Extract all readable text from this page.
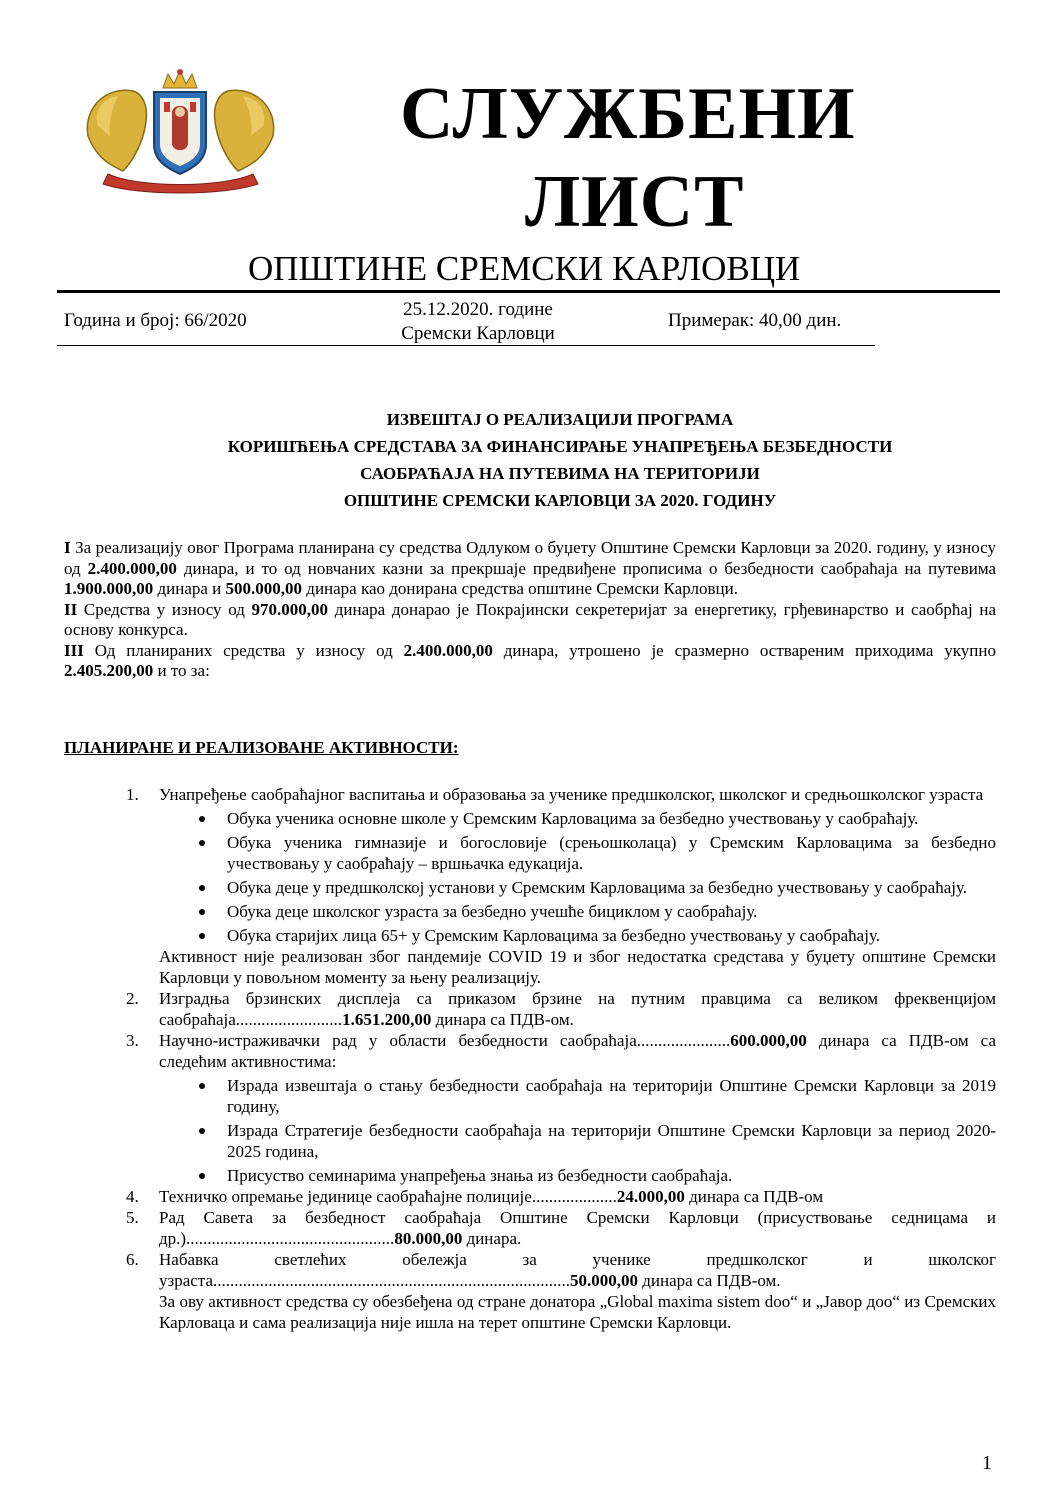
СЛУЖБЕНИ
ЛИСТ
ОПШТИНЕ СРЕМСКИ КАРЛОВЦИ
Година и број: 66/2020
25.12.2020. године
Сремски Карловци
Примерак: 40,00 дин.
ИЗВЕШТАЈ О РЕАЛИЗАЦИЈИ ПРОГРАМА
КОРИШЋЕЊА СРЕДСТАВА ЗА ФИНАНСИРАЊЕ УНАПРЕЂЕЊА БЕЗБЕДНОСТИ
САОБРАЋАЈА НА ПУТЕВИМА НА ТЕРИТОРИЈИ
ОПШТИНЕ СРЕМСКИ КАРЛОВЦИ ЗА 2020. ГОДИНУ
I За реализацију овог Програма планирана су средства Одлуком о буџету Општине Сремски Карловци за 2020. годину, у износу од 2.400.000,00 динара, и то од новчаних казни за прекршаје предвиђене прописима о безбедности саобраћаја на путевима 1.900.000,00 динара и 500.000,00 динара као донирана средства општине Сремски Карловци.
II Средства у износу од 970.000,00 динара донарао је Покрајински секретеријат за енергетику, грђевинарство и саобрћај на основу конкурса.
III Од планираних средства у износу од 2.400.000,00 динара, утрошено је сразмерно оствареним приходима укупно 2.405.200,00 и то за:
ПЛАНИРАНЕ И РЕАЛИЗОВАНЕ АКТИВНОСТИ:
1. Унапређење саобраћајног васпитања и образовања за ученике предшколског, школског и средњошколског узраста
Обука ученика основне школе у Сремским Карловацима за безбедно учествовању у саобраћају.
Обука ученика гимназије и богословије (срењошколаца) у Сремским Карловацима за безбедно учествовању у саобраћају – вршњачка едукација.
Обука деце у предшколској установи у Сремским Карловацима за безбедно учествовању у саобраћају.
Обука деце школског узраста за безбедно учешће бициклом у саобраћају.
Обука старијих лица 65+ у Сремским Карловацима за безбедно учествовању у саобраћају.
Активност није реализован због пандемије COVID 19 и због недостатка средстава у буџету општине Сремски Карловци у повољном моменту за њену реализацију.
2. Изградња брзинских дисплеја са приказом брзине на путним правцима са великом фреквенцијом саобраћаја.........................1.651.200,00 динара са ПДВ-ом.
3. Научно-истраживачки рад у области безбедности саобраћаја......................600.000,00 динара са ПДВ-ом са следећим активностима:
Израда извештаја о стању безбедности саобраћаја на територији Општине Сремски Карловци за 2019 годину,
Израда Стратегије безбедности саобраћаја на територији Општине Сремски Карловци за период 2020-2025 година,
Присуство семинарима унапређења знања из безбедности саобраћаја.
4. Техничко опремање јединице саобраћајне полиције....................24.000,00 динара са ПДВ-ом
5. Рад Савета за безбедност саобраћаја Општине Сремски Карловци (присуствовање седницама и др.).................................................80.000,00 динара.
6. Набавка светлећих обележја за ученике предшколског и школског узраста....................................................................................50.000,00 динара са ПДВ-ом.
За ову активност средства су обезбеђена од стране донатора „Global maxima sistem doo“ и „Јавор доо“ из Сремских Карловаца и сама реализација није ишла на терет општине Сремски Карловци.
1
